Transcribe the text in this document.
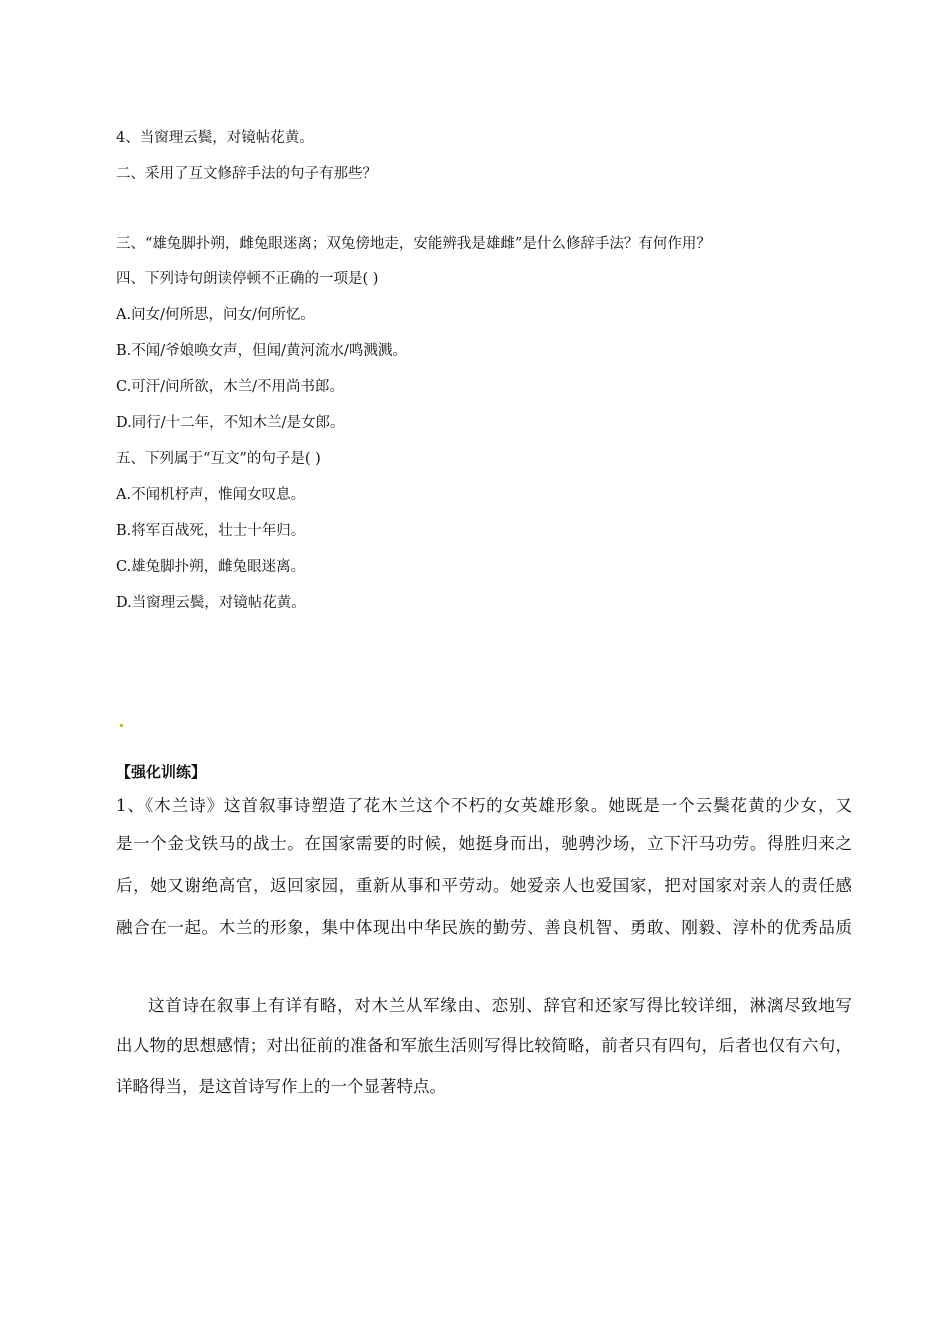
4、当窗理云鬓，对镜帖花黄。
二、采用了互文修辞手法的句子有那些？
三、“雄兔脚扑朔，雌兔眼迷离；双兔傍地走，安能辨我是雄雌”是什么修辞手法？有何作用？
四、下列诗句朗读停顿不正确的一项是( )
A.问女/何所思，问女/何所忆。
B.不闻/爷娘唤女声，但闻/黄河流水/鸣溅溅。
C.可汗/问所欲，木兰/不用尚书郎。
D.同行/十二年，不知木兰/是女郎。
五、下列属于“互文”的句子是( )
A.不闻机杼声，惟闻女叹息。
B.将军百战死，壮士十年归。
C.雄兔脚扑朔，雌兔眼迷离。
D.当窗理云鬓，对镜帖花黄。
【强化训练】
1、《木兰诗》这首叙事诗塑造了花木兰这个不朽的女英雄形象。她既是一个云鬓花黄的少女，又
是一个金戈铁马的战士。在国家需要的时候，她挺身而出，驰骋沙场，立下汗马功劳。得胜归来之
后，她又谢绝高官，返回家园，重新从事和平劳动。她爱亲人也爱国家，把对国家对亲人的责任感
融合在一起。木兰的形象，集中体现出中华民族的勤劳、善良机智、勇敢、刚毅、淳朴的优秀品质
这首诗在叙事上有详有略，对木兰从军缘由、恋别、辞官和还家写得比较详细，淋漓尽致地写
出人物的思想感情；对出征前的准备和军旅生活则写得比较简略，前者只有四句，后者也仅有六句，
详略得当，是这首诗写作上的一个显著特点。
